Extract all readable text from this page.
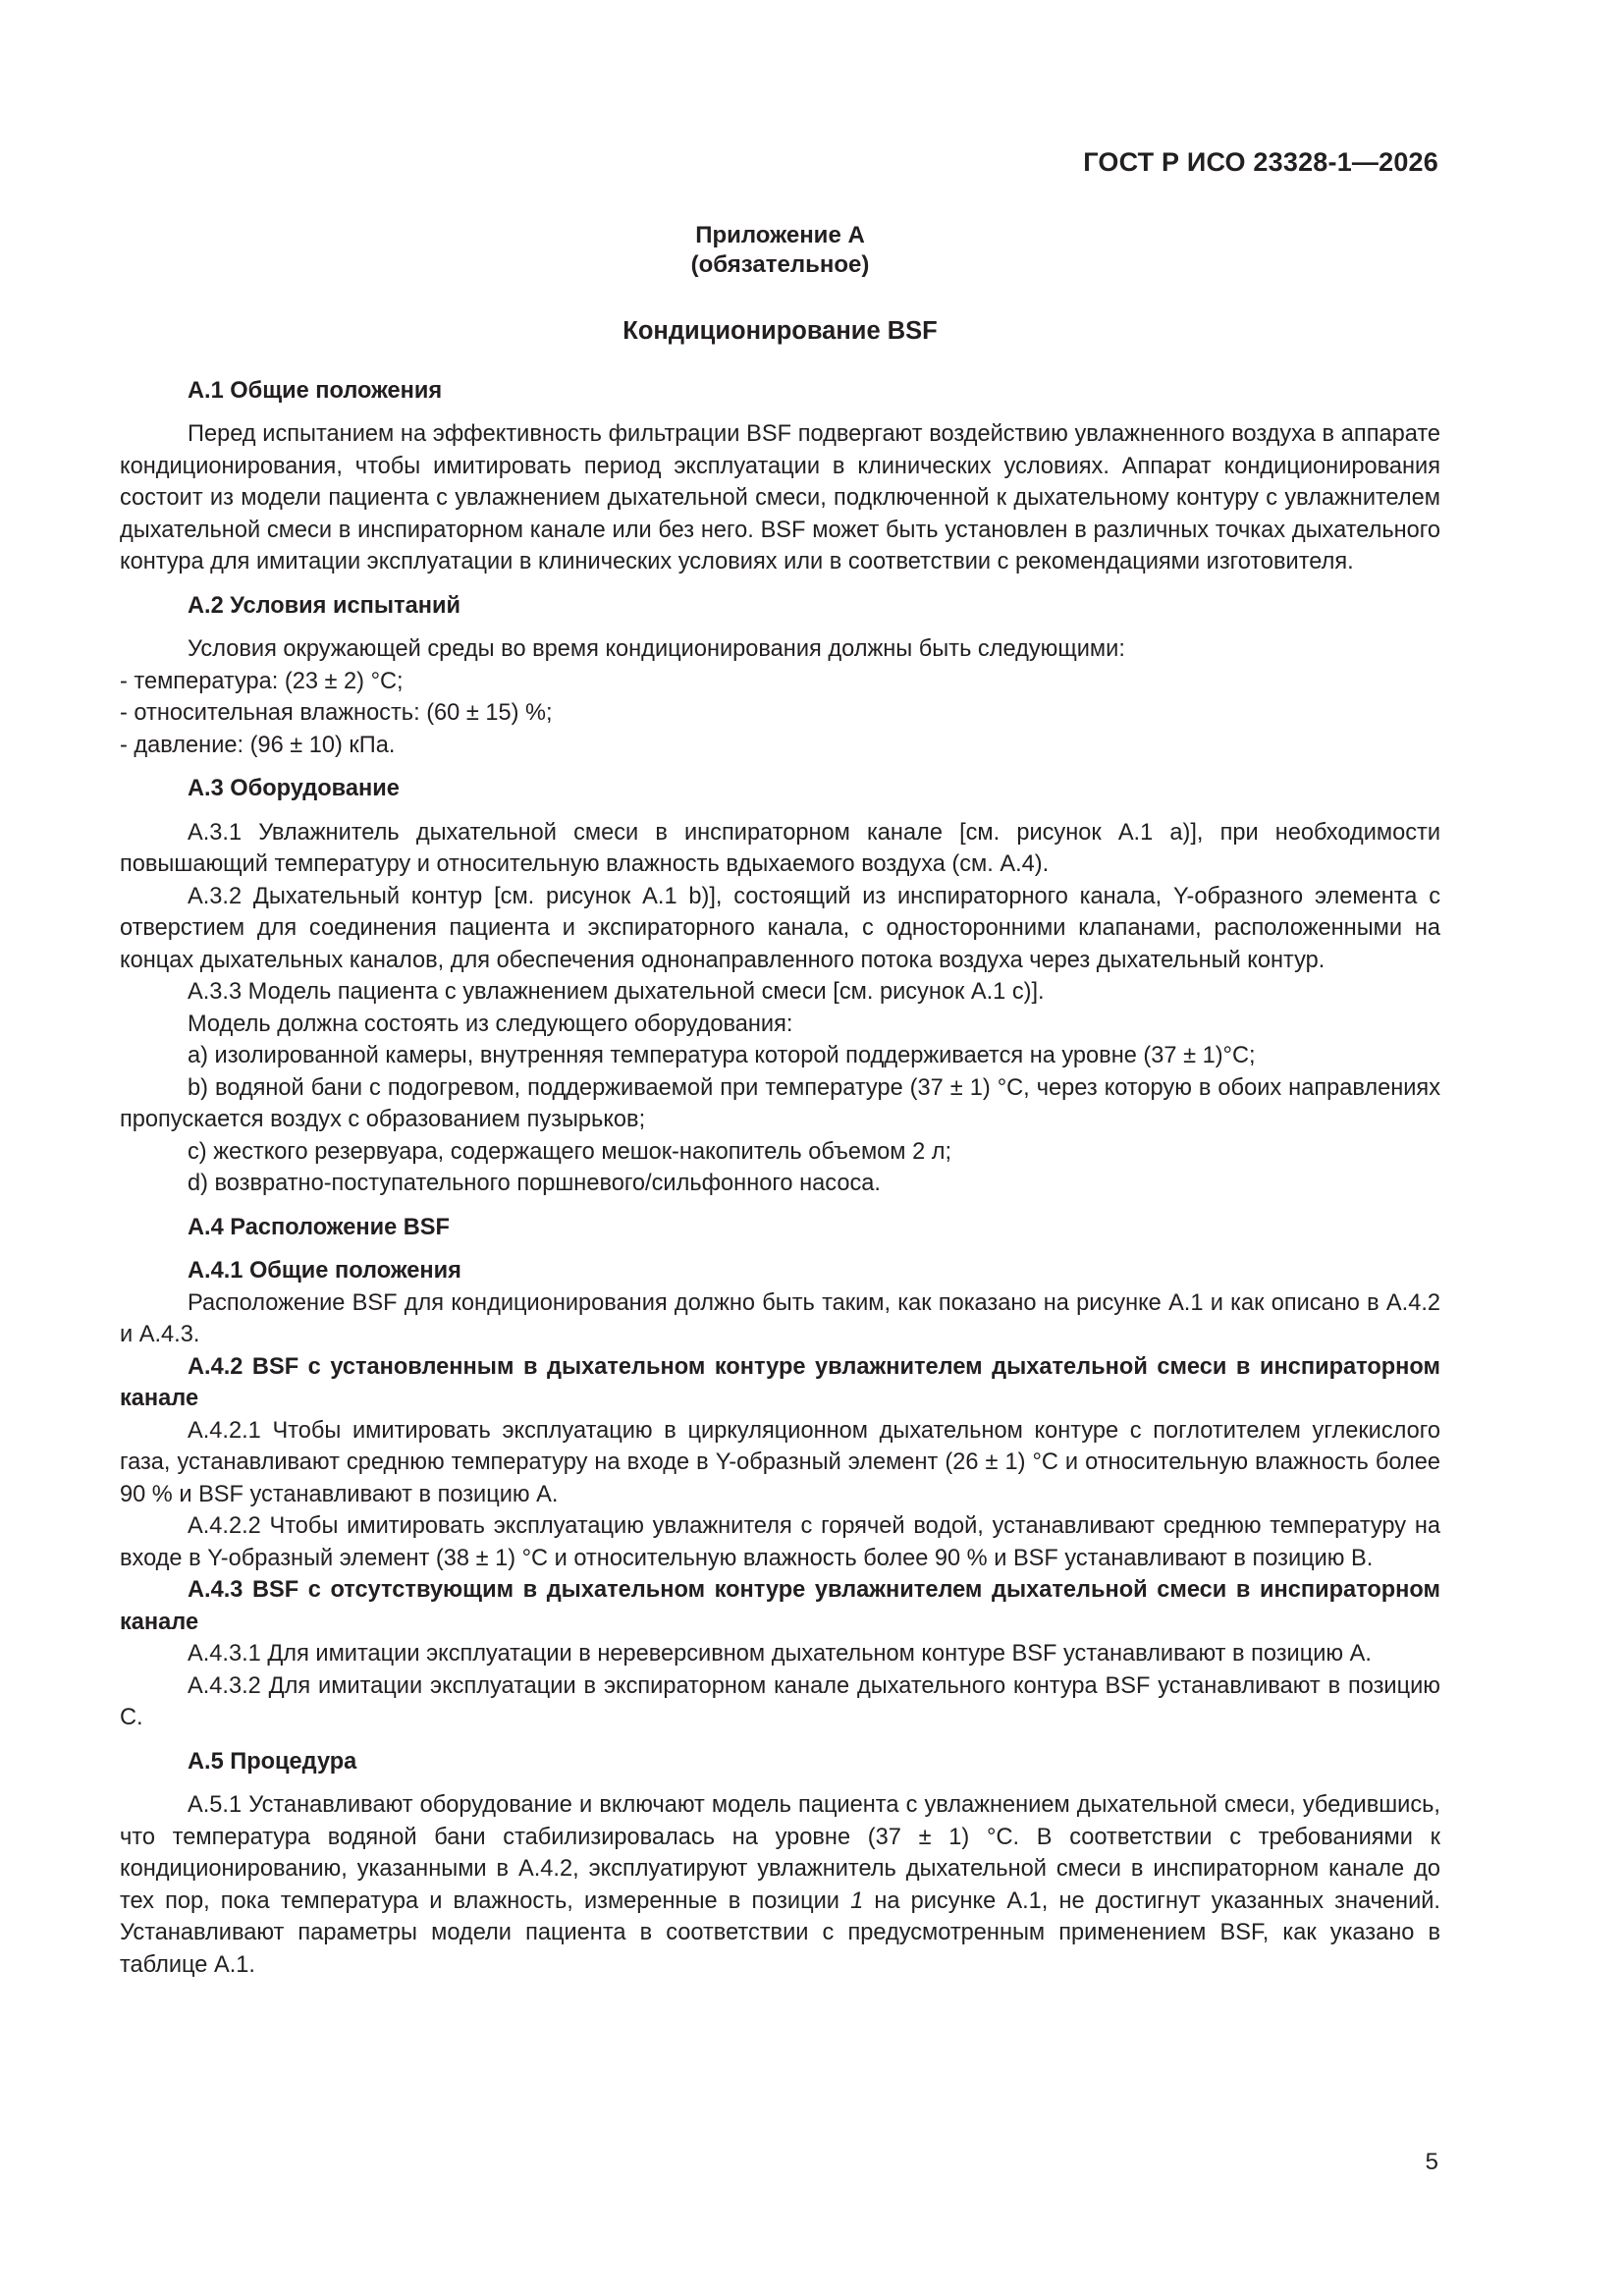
ГОСТ Р ИСО 23328-1—2026
Приложение А
(обязательное)
Кондиционирование BSF
А.1 Общие положения

Перед испытанием на эффективность фильтрации BSF подвергают воздействию увлажненного воздуха в аппарате кондиционирования, чтобы имитировать период эксплуатации в клинических условиях. Аппарат кондиционирования состоит из модели пациента с увлажнением дыхательной смеси, подключенной к дыхательному контуру с увлажнителем дыхательной смеси в инспираторном канале или без него. BSF может быть установлен в различных точках дыхательного контура для имитации эксплуатации в клинических условиях или в соответствии с рекомендациями изготовителя.

А.2 Условия испытаний

Условия окружающей среды во время кондиционирования должны быть следующими:

- температура: (23 ± 2) °С;
- относительная влажность: (60 ± 15) %;
- давление: (96 ± 10) кПа.
А.3 Оборудование

А.3.1 Увлажнитель дыхательной смеси в инспираторном канале [см. рисунок А.1 а)], при необходимости повышающий температуру и относительную влажность вдыхаемого воздуха (см. А.4).

А.3.2 Дыхательный контур [см. рисунок А.1 b)], состоящий из инспираторного канала, Y-образного элемента с отверстием для соединения пациента и экспираторного канала, с односторонними клапанами, расположенными на концах дыхательных каналов, для обеспечения однонаправленного потока воздуха через дыхательный контур.

А.3.3 Модель пациента с увлажнением дыхательной смеси [см. рисунок А.1 с)].

Модель должна состоять из следующего оборудования:

а) изолированной камеры, внутренняя температура которой поддерживается на уровне (37 ± 1)°С;

b) водяной бани с подогревом, поддерживаемой при температуре (37 ± 1) °С, через которую в обоих направлениях пропускается воздух с образованием пузырьков;

с) жесткого резервуара, содержащего мешок-накопитель объемом 2 л;

d) возвратно-поступательного поршневого/сильфонного насоса.

А.4 Расположение BSF
А.4.1 Общие положения

Расположение BSF для кондиционирования должно быть таким, как показано на рисунке А.1 и как описано в А.4.2 и А.4.3.

А.4.2 BSF с установленным в дыхательном контуре увлажнителем дыхательной смеси в инспираторном канале

А.4.2.1 Чтобы имитировать эксплуатацию в циркуляционном дыхательном контуре с поглотителем углекислого газа, устанавливают среднюю температуру на входе в Y-образный элемент (26 ± 1) °С и относительную влажность более 90 % и BSF устанавливают в позицию А.

А.4.2.2 Чтобы имитировать эксплуатацию увлажнителя с горячей водой, устанавливают среднюю температуру на входе в Y-образный элемент (38 ± 1) °С и относительную влажность более 90 % и BSF устанавливают в позицию В.

А.4.3 BSF с отсутствующим в дыхательном контуре увлажнителем дыхательной смеси в инспираторном канале

А.4.3.1 Для имитации эксплуатации в нереверсивном дыхательном контуре BSF устанавливают в позицию А.

А.4.3.2 Для имитации эксплуатации в экспираторном канале дыхательного контура BSF устанавливают в позицию С.

А.5 Процедура

А.5.1 Устанавливают оборудование и включают модель пациента с увлажнением дыхательной смеси, убедившись, что температура водяной бани стабилизировалась на уровне (37 ± 1) °С. В соответствии с требованиями к кондиционированию, указанными в А.4.2, эксплуатируют увлажнитель дыхательной смеси в инспираторном канале до тех пор, пока температура и влажность, измеренные в позиции 1 на рисунке А.1, не достигнут указанных значений. Устанавливают параметры модели пациента в соответствии с предусмотренным применением BSF, как указано в таблице А.1.

5
